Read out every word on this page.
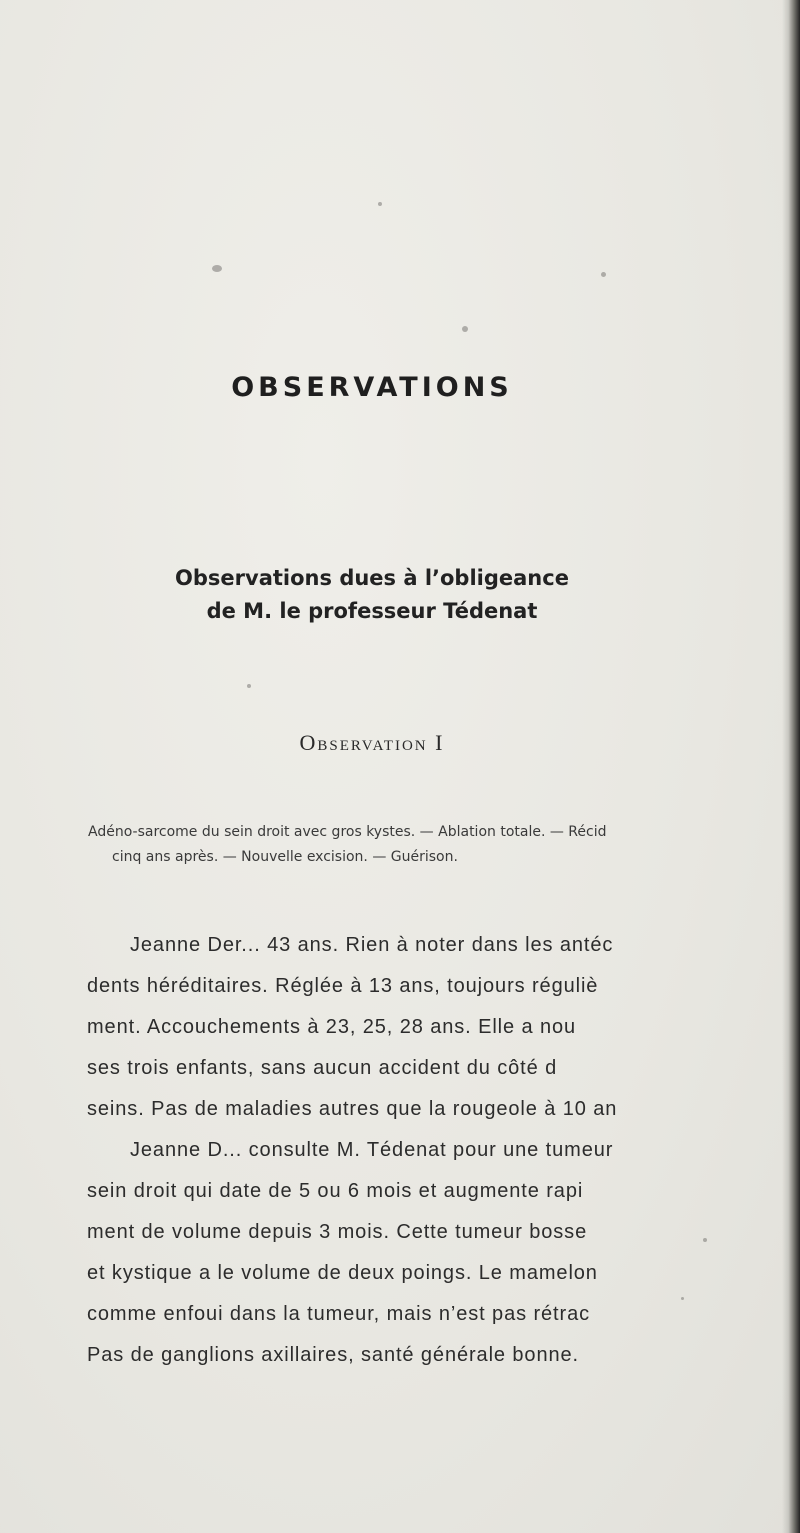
OBSERVATIONS
Observations dues à l’obligeance
de M. le professeur Tédenat
Observation I
Adéno-sarcome du sein droit avec gros kystes. — Ablation totale. — Récid
cinq ans après. — Nouvelle excision. — Guérison.
Jeanne Der... 43 ans. Rien à noter dans les antéc
dents héréditaires. Réglée à 13 ans, toujours réguliè
ment. Accouchements à 23, 25, 28 ans. Elle a nou
ses trois enfants, sans aucun accident du côté d
seins. Pas de maladies autres que la rougeole à 10 an
Jeanne D... consulte M. Tédenat pour une tumeur
sein droit qui date de 5 ou 6 mois et augmente rapi
ment de volume depuis 3 mois. Cette tumeur bosse
et kystique a le volume de deux poings. Le mamelon
comme enfoui dans la tumeur, mais n’est pas rétrac
Pas de ganglions axillaires, santé générale bonne.
